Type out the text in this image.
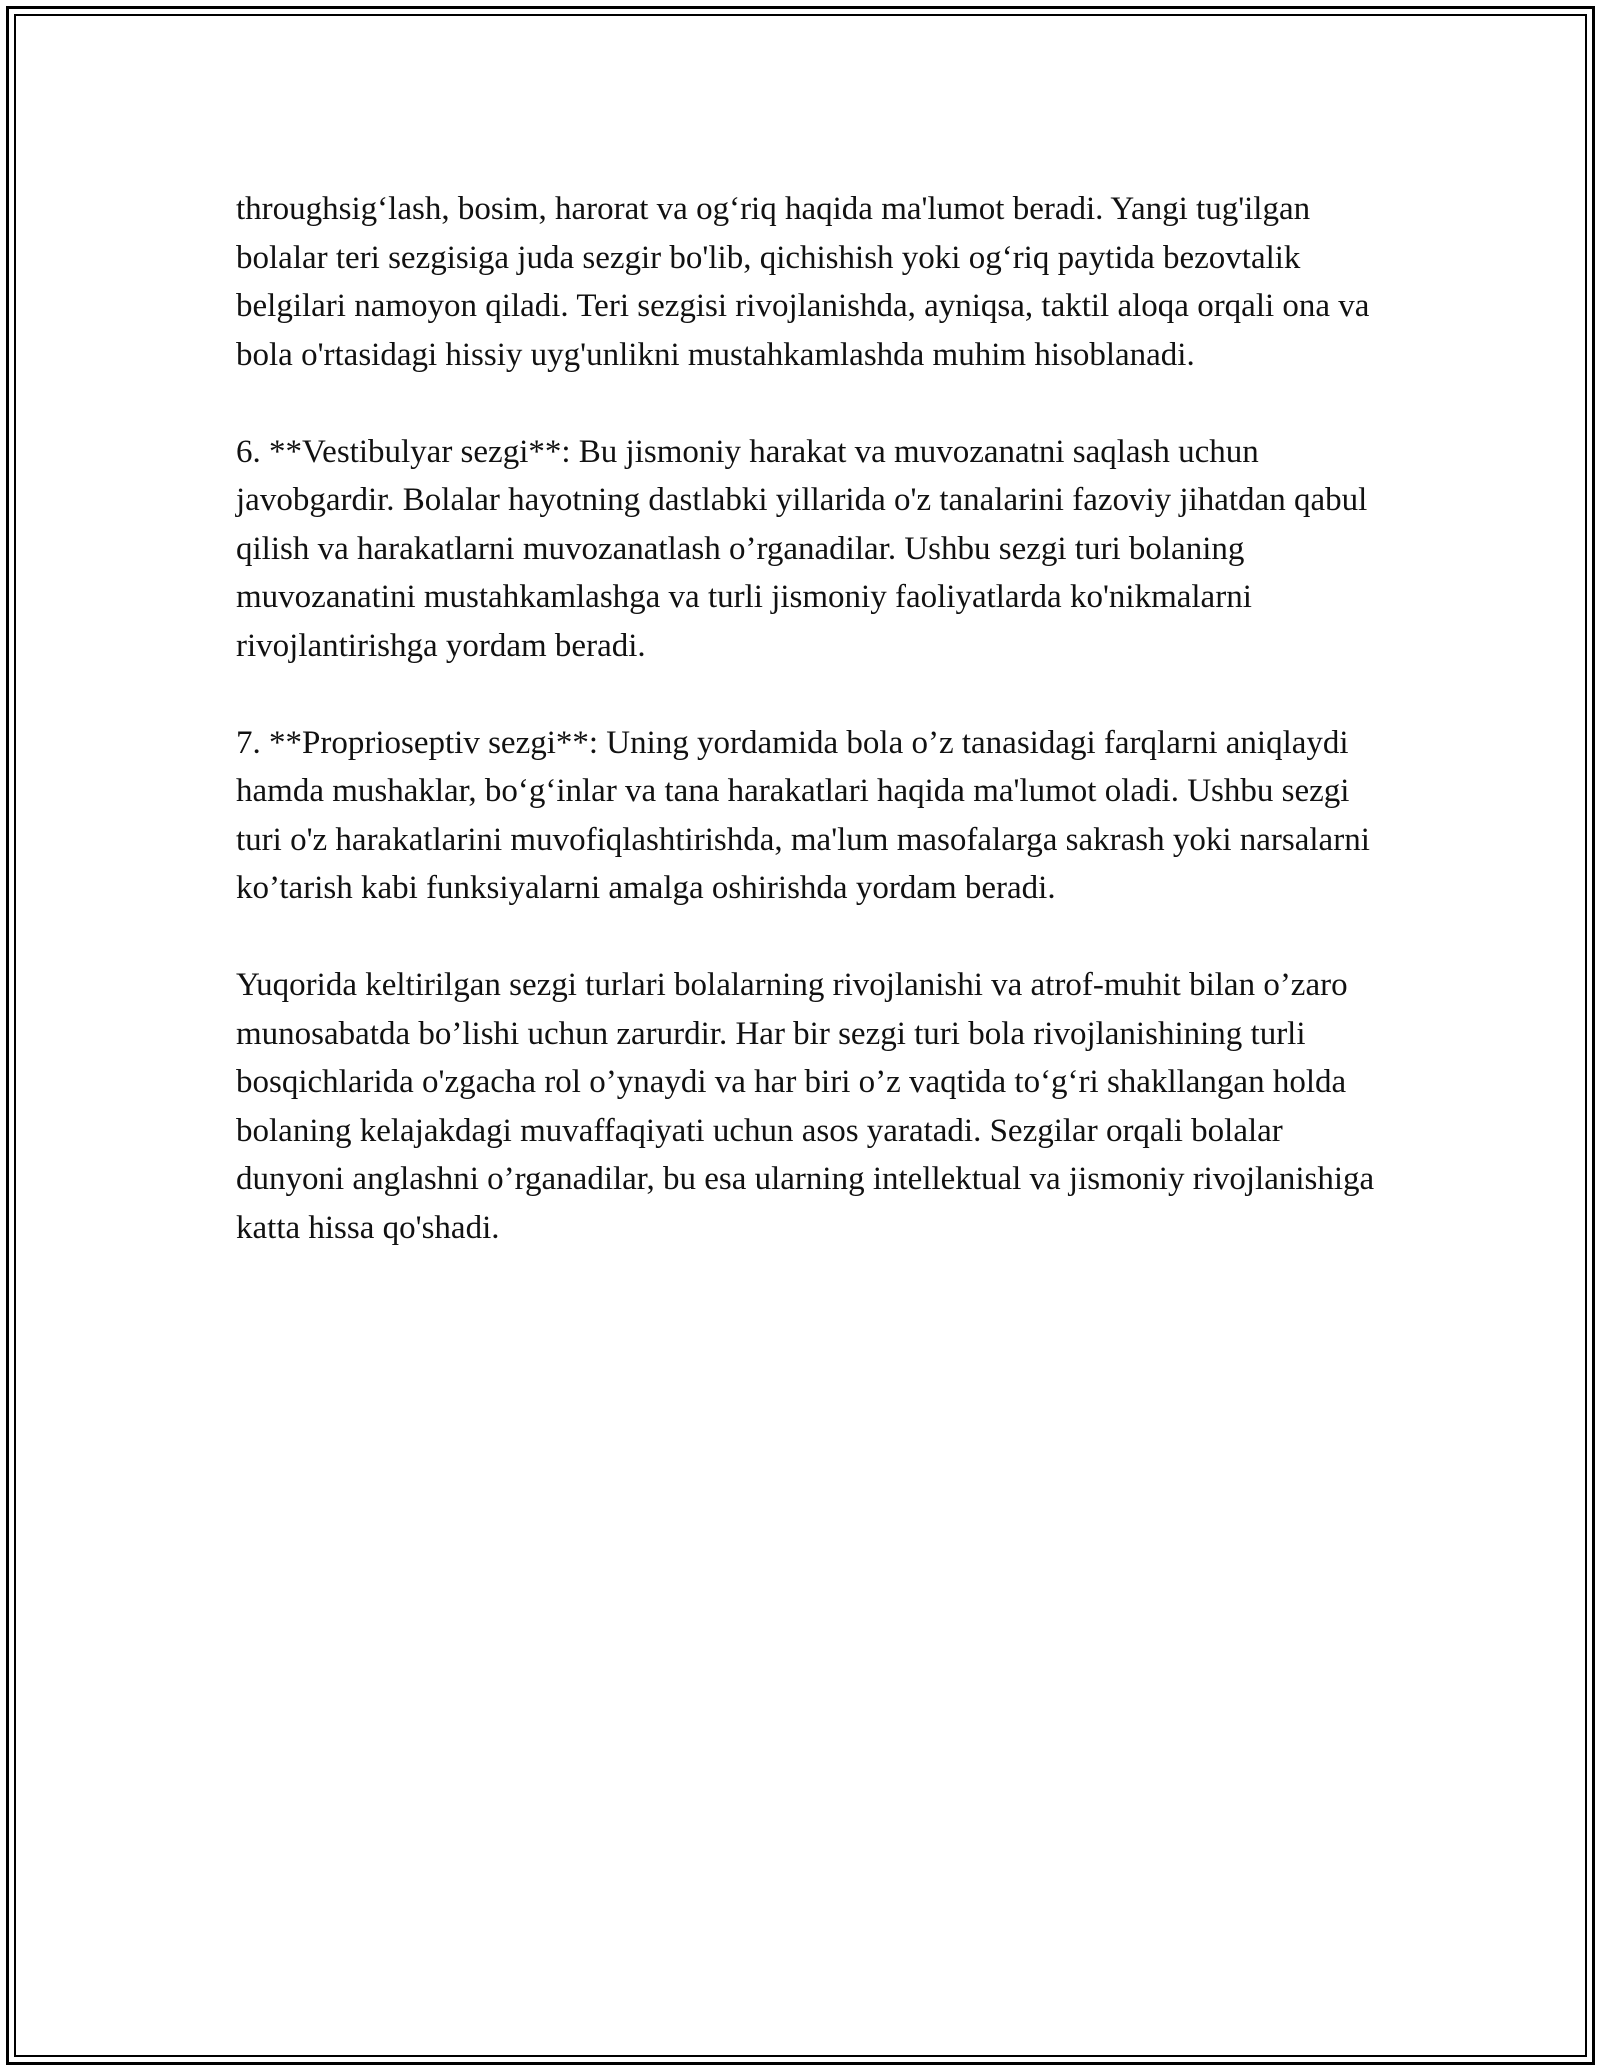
throughsig‘lash, bosim, harorat va og‘riq haqida ma'lumot beradi. Yangi tug'ilgan bolalar teri sezgisiga juda sezgir bo'lib, qichishish yoki og‘riq paytida bezovtalik belgilari namoyon qiladi. Teri sezgisi rivojlanishda, ayniqsa, taktil aloqa orqali ona va bola o'rtasidagi hissiy uyg'unlikni mustahkamlashda muhim hisoblanadi.

6. **Vestibulyar sezgi**: Bu jismoniy harakat va muvozanatni saqlash uchun javobgardir. Bolalar hayotning dastlabki yillarida o'z tanalarini fazoviy jihatdan qabul qilish va harakatlarni muvozanatlash o’rganadilar. Ushbu sezgi turi bolaning muvozanatini mustahkamlashga va turli jismoniy faoliyatlarda ko'nikmalarni rivojlantirishga yordam beradi.

7. **Proprioseptiv sezgi**: Uning yordamida bola o’z tanasidagi farqlarni aniqlaydi hamda mushaklar, bo‘g‘inlar va tana harakatlari haqida ma'lumot oladi. Ushbu sezgi turi o'z harakatlarini muvofiqlashtirishda, ma'lum masofalarga sakrash yoki narsalarni ko’tarish kabi funksiyalarni amalga oshirishda yordam beradi.

Yuqorida keltirilgan sezgi turlari bolalarning rivojlanishi va atrof-muhit bilan o’zaro munosabatda bo’lishi uchun zarurdir. Har bir sezgi turi bola rivojlanishining turli bosqichlarida o'zgacha rol o’ynaydi va har biri o’z vaqtida to‘g‘ri shakllangan holda bolaning kelajakdagi muvaffaqiyati uchun asos yaratadi. Sezgilar orqali bolalar dunyoni anglashni o’rganadilar, bu esa ularning intellektual va jismoniy rivojlanishiga katta hissa qo'shadi.
